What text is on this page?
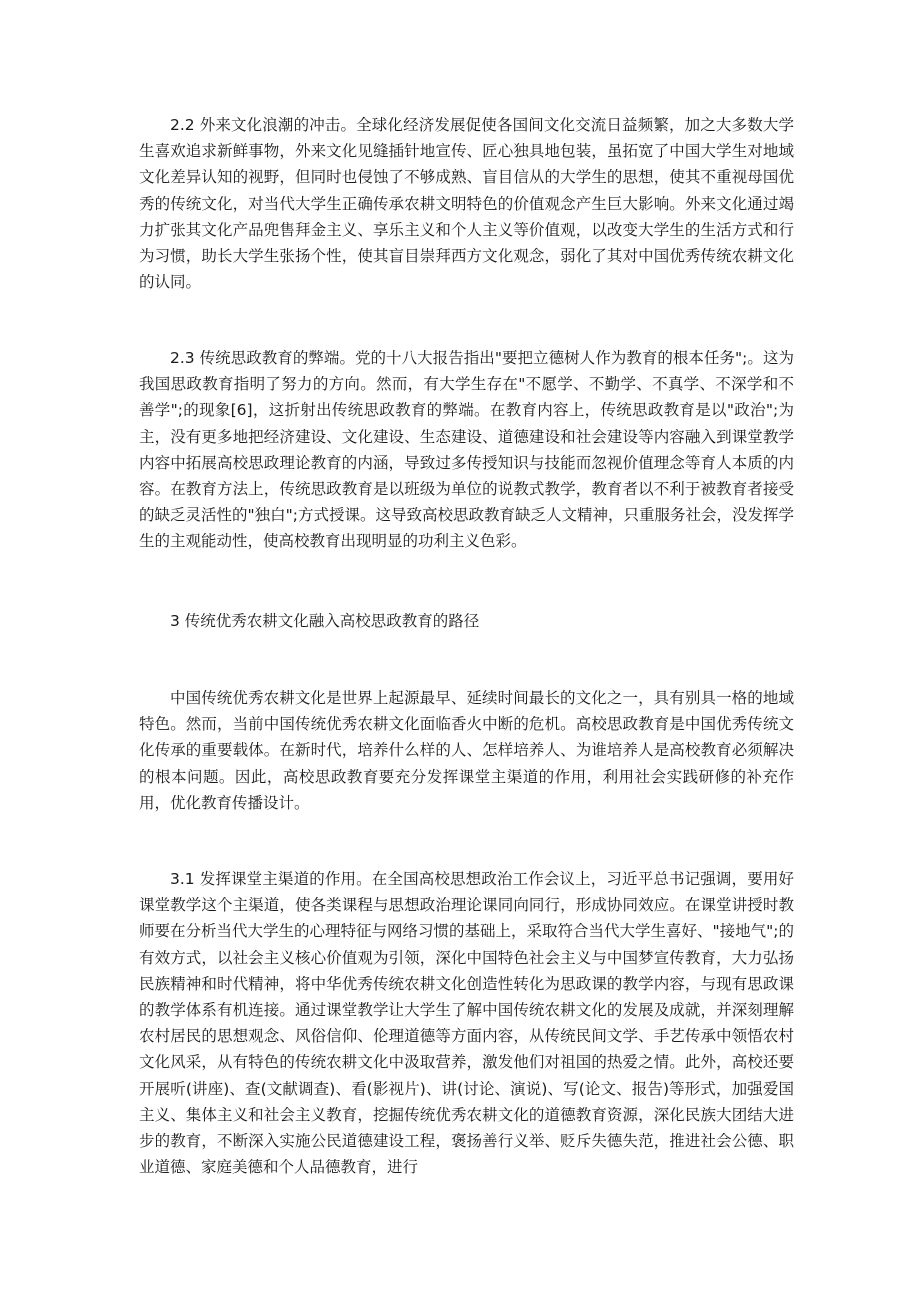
2.2 外来文化浪潮的冲击。全球化经济发展促使各国间文化交流日益频繁，加之大多数大学生喜欢追求新鲜事物，外来文化见缝插针地宣传、匠心独具地包装，虽拓宽了中国大学生对地域文化差异认知的视野，但同时也侵蚀了不够成熟、盲目信从的大学生的思想，使其不重视母国优秀的传统文化，对当代大学生正确传承农耕文明特色的价值观念产生巨大影响。外来文化通过竭力扩张其文化产品兜售拜金主义、享乐主义和个人主义等价值观，以改变大学生的生活方式和行为习惯，助长大学生张扬个性，使其盲目崇拜西方文化观念，弱化了其对中国优秀传统农耕文化的认同。

2.3 传统思政教育的弊端。党的十八大报告指出"要把立德树人作为教育的根本任务";。这为我国思政教育指明了努力的方向。然而，有大学生存在"不愿学、不勤学、不真学、不深学和不善学";的现象[6]，这折射出传统思政教育的弊端。在教育内容上，传统思政教育是以"政治";为主，没有更多地把经济建设、文化建设、生态建设、道德建设和社会建设等内容融入到课堂教学内容中拓展高校思政理论教育的内涵，导致过多传授知识与技能而忽视价值理念等育人本质的内容。在教育方法上，传统思政教育是以班级为单位的说教式教学，教育者以不利于被教育者接受的缺乏灵活性的"独白";方式授课。这导致高校思政教育缺乏人文精神，只重服务社会，没发挥学生的主观能动性，使高校教育出现明显的功利主义色彩。

3 传统优秀农耕文化融入高校思政教育的路径

中国传统优秀农耕文化是世界上起源最早、延续时间最长的文化之一，具有别具一格的地域特色。然而，当前中国传统优秀农耕文化面临香火中断的危机。高校思政教育是中国优秀传统文化传承的重要载体。在新时代，培养什么样的人、怎样培养人、为谁培养人是高校教育必须解决的根本问题。因此，高校思政教育要充分发挥课堂主渠道的作用，利用社会实践研修的补充作用，优化教育传播设计。

3.1 发挥课堂主渠道的作用。在全国高校思想政治工作会议上，习近平总书记强调，要用好课堂教学这个主渠道，使各类课程与思想政治理论课同向同行，形成协同效应。在课堂讲授时教师要在分析当代大学生的心理特征与网络习惯的基础上，采取符合当代大学生喜好、"接地气";的有效方式，以社会主义核心价值观为引领，深化中国特色社会主义与中国梦宣传教育，大力弘扬民族精神和时代精神，将中华优秀传统农耕文化创造性转化为思政课的教学内容，与现有思政课的教学体系有机连接。通过课堂教学让大学生了解中国传统农耕文化的发展及成就，并深刻理解农村居民的思想观念、风俗信仰、伦理道德等方面内容，从传统民间文学、手艺传承中领悟农村文化风采，从有特色的传统农耕文化中汲取营养，激发他们对祖国的热爱之情。此外，高校还要开展听(讲座)、查(文献调查)、看(影视片)、讲(讨论、演说)、写(论文、报告)等形式，加强爱国主义、集体主义和社会主义教育，挖掘传统优秀农耕文化的道德教育资源，深化民族大团结大进步的教育，不断深入实施公民道德建设工程，褒扬善行义举、贬斥失德失范，推进社会公德、职业道德、家庭美德和个人品德教育，进行
